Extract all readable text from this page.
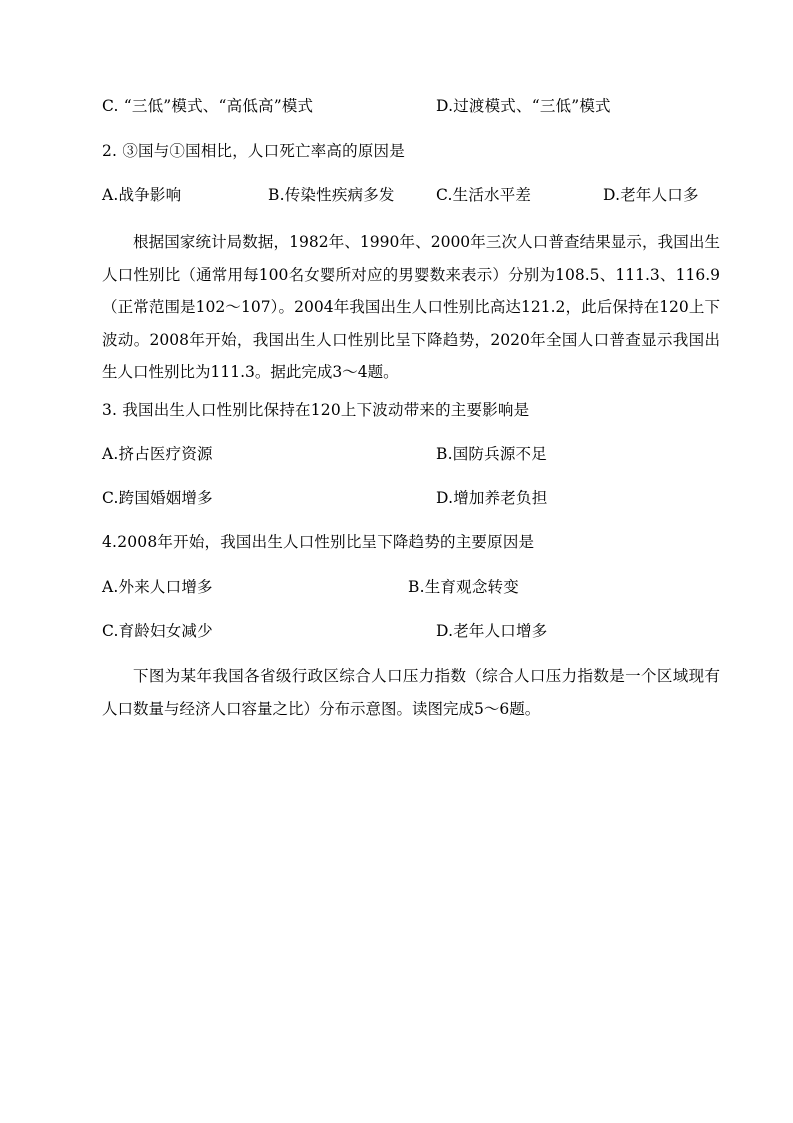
C. “三低”模式、“高低高”模式	D.过渡模式、“三低”模式
2. ③国与①国相比，人口死亡率高的原因是
A.战争影响	B.传染性疾病多发	C.生活水平差	D.老年人口多
根据国家统计局数据，1982年、1990年、2000年三次人口普查结果显示，我国出生人口性别比（通常用每100名女婴所对应的男婴数来表示）分别为108.5、111.3、116.9（正常范围是102～107）。2004年我国出生人口性别比高达121.2，此后保持在120上下波动。2008年开始，我国出生人口性别比呈下降趋势，2020年全国人口普查显示我国出生人口性别比为111.3。据此完成3～4题。
3. 我国出生人口性别比保持在120上下波动带来的主要影响是
A.挤占医疗资源	B.国防兵源不足
C.跨国婚姻增多	D.增加养老负担
4.2008年开始，我国出生人口性别比呈下降趋势的主要原因是
A.外来人口增多	B.生育观念转变
C.育龄妇女减少	D.老年人口增多
下图为某年我国各省级行政区综合人口压力指数（综合人口压力指数是一个区域现有人口数量与经济人口容量之比）分布示意图。读图完成5～6题。
